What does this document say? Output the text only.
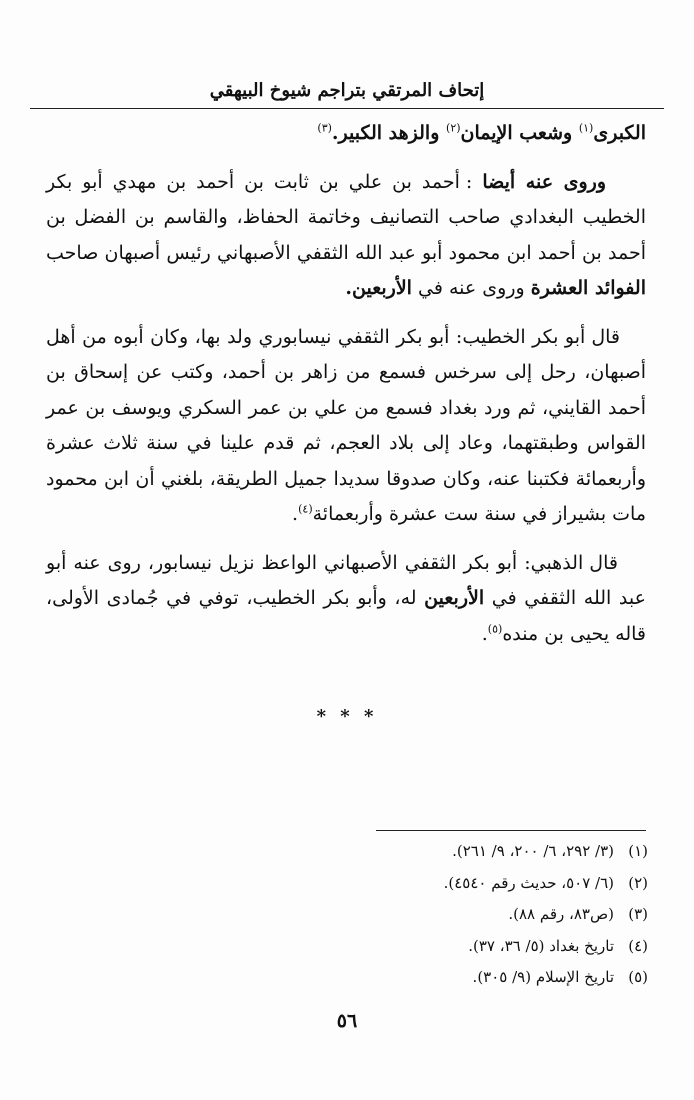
إتحاف المرتقي بتراجم شيوخ البيهقي

الكبرى$^{(١)}$ وشعب الإيمان$^{(٢)}$ والزهد الكبير.$^{(٣)}$

وروى عنه أيضا : أحمد بن علي بن ثابت بن أحمد بن مهدي أبو بكر الخطيب البغدادي صاحب التصانيف وخاتمة الحفاظ، والقاسم بن الفضل بن أحمد بن أحمد ابن محمود أبو عبد الله الثقفي الأصبهاني رئيس أصبهان صاحب الفوائد العشرة وروى عنه في الأربعين.

قال أبو بكر الخطيب: أبو بكر الثقفي نيسابوري ولد بها، وكان أبوه من أهل أصبهان، رحل إلى سرخس فسمع من زاهر بن أحمد، وكتب عن إسحاق بن أحمد القايني، ثم ورد بغداد فسمع من علي بن عمر السكري ويوسف بن عمر القواس وطبقتهما، وعاد إلى بلاد العجم، ثم قدم علينا في سنة ثلاث عشرة وأربعمائة فكتبنا عنه، وكان صدوقا سديدا جميل الطريقة، بلغني أن ابن محمود مات بشيراز في سنة ست عشرة وأربعمائة$^{(٤)}$.

قال الذهبي: أبو بكر الثقفي الأصبهاني الواعظ نزيل نيسابور، روى عنه أبو عبد الله الثقفي في الأربعين له، وأبو بكر الخطيب، توفي في جُمادى الأولى، قاله يحيى بن منده$^{(٥)}$.

* * *
(١)(٣/ ٢٩٢، ٦/ ٢٠٠، ٩/ ٢٦١).
(٢)(٦/ ٥٠٧، حديث رقم ٤٥٤٠).
(٣)(ص٨٣، رقم ٨٨).
(٤)تاريخ بغداد (٥/ ٣٦، ٣٧).
(٥)تاريخ الإسلام (٩/ ٣٠٥).
٥٦
